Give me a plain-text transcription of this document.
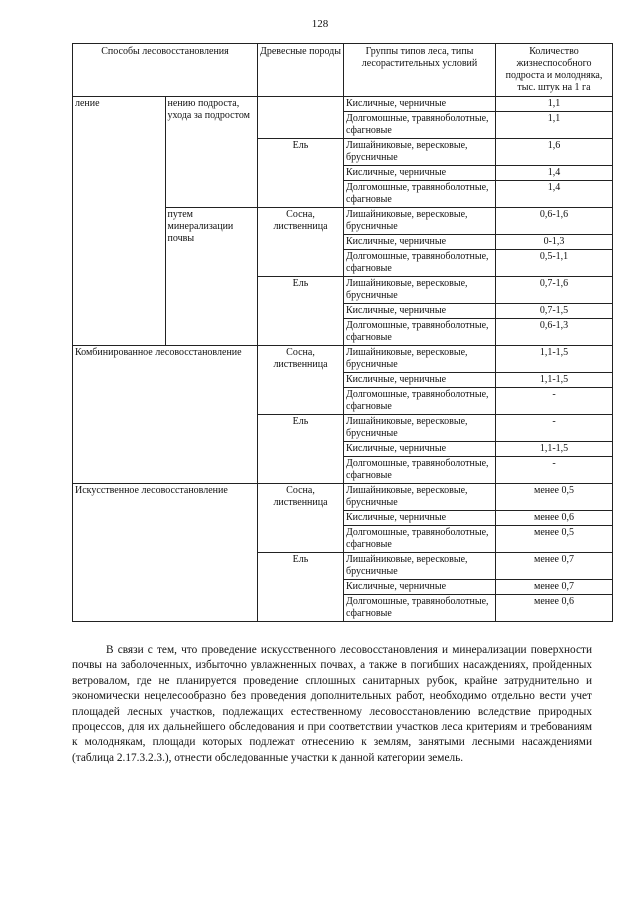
128
Способы лесовосстановления		Древесные породы	Группы типов леса, типы лесорастительных условий	Количество жизнеспособного подроста и молодняка, тыс. штук на 1 га
ление	нению подроста, ухода за подростом		Кисличные, черничные	1,1
			Долгомошные, травяноболотные, сфагновые	1,1
		Ель	Лишайниковые, вересковые, брусничные	1,6
			Кисличные, черничные	1,4
			Долгомошные, травяноболотные, сфагновые	1,4
	путем минерализации почвы	Сосна, лиственница	Лишайниковые, вересковые, брусничные	0,6-1,6
			Кисличные, черничные	0-1,3
			Долгомошные, травяноболотные, сфагновые	0,5-1,1
		Ель	Лишайниковые, вересковые, брусничные	0,7-1,6
			Кисличные, черничные	0,7-1,5
			Долгомошные, травяноболотные, сфагновые	0,6-1,3
Комбинированное лесовосстановление		Сосна, лиственница	Лишайниковые, вересковые, брусничные	1,1-1,5
			Кисличные, черничные	1,1-1,5
			Долгомошные, травяноболотные, сфагновые	-
		Ель	Лишайниковые, вересковые, брусничные	-
			Кисличные, черничные	1,1-1,5
			Долгомошные, травяноболотные, сфагновые	-
Искусственное лесовосстановление		Сосна, лиственница	Лишайниковые, вересковые, брусничные	менее 0,5
			Кисличные, черничные	менее 0,6
			Долгомошные, травяноболотные, сфагновые	менее 0,5
		Ель	Лишайниковые, вересковые, брусничные	менее 0,7
			Кисличные, черничные	менее 0,7
			Долгомошные, травяноболотные, сфагновые	менее 0,6

В связи с тем, что проведение искусственного лесовосстановления и минерализации поверхности почвы на заболоченных, избыточно увлажненных почвах, а также в погибших насаждениях, пройденных ветровалом, где не планируется проведение сплошных санитарных рубок, крайне затруднительно и экономически нецелесообразно без проведения дополнительных работ, необходимо отдельно вести учет площадей лесных участков, подлежащих естественному лесовосстановлению вследствие природных процессов, для их дальнейшего обследования и при соответствии участков леса критериям и требованиям к молоднякам, площади которых подлежат отнесению к землям, занятыми лесными насаждениями (таблица 2.17.3.2.3.), отнести обследованные участки к данной категории земель.
